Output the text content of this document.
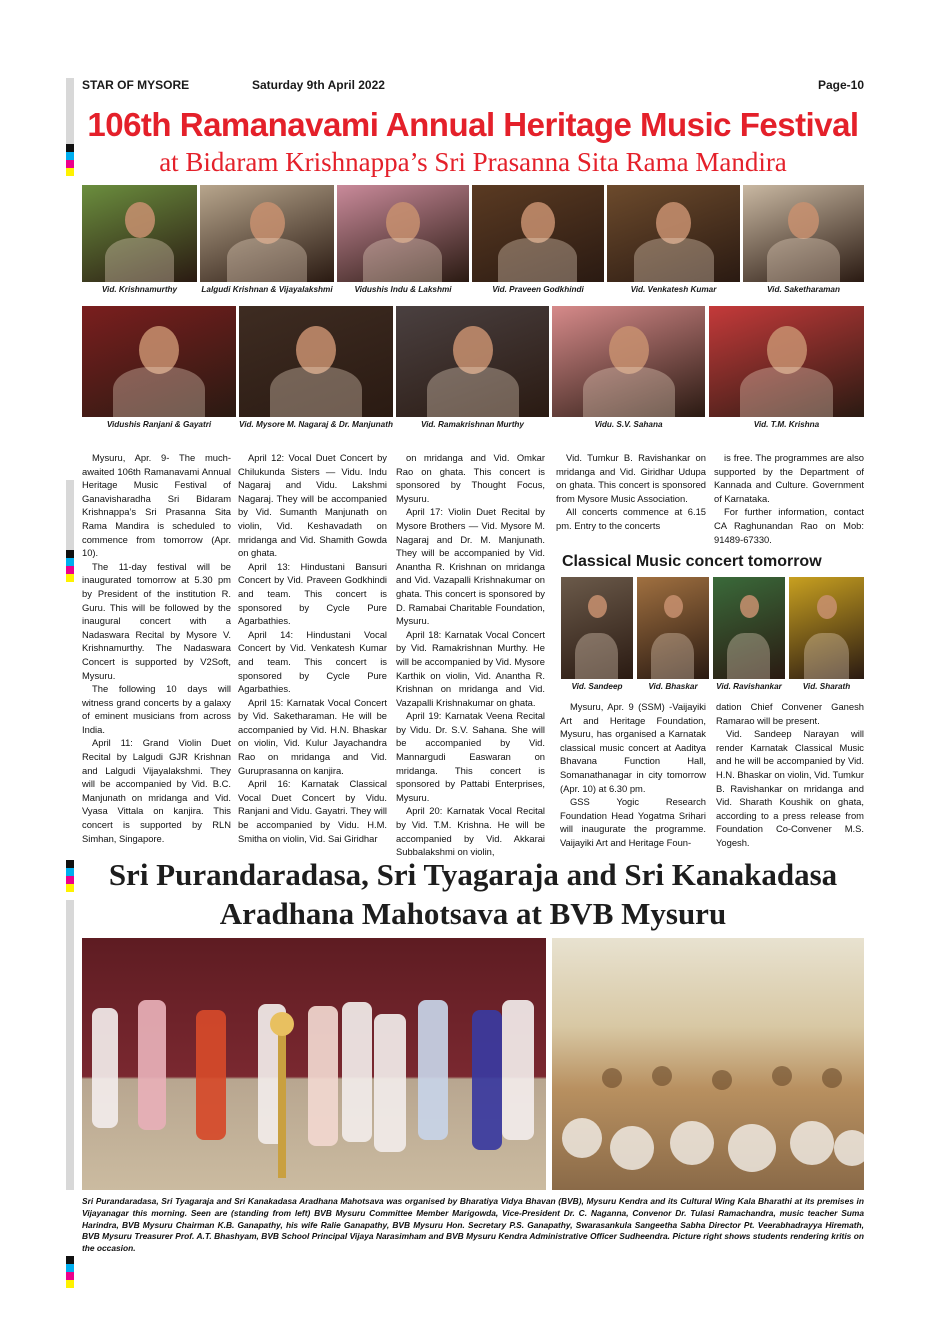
STAR OF MYSORE	Saturday 9th April 2022	Page-10
106th Ramanavami Annual Heritage Music Festival
at Bidaram Krishnappa’s Sri Prasanna Sita Rama Mandira
Vid. Krishnamurthy	Lalgudi Krishnan & Vijayalakshmi	Vidushis Indu & Lakshmi	Vid. Praveen Godkhindi	Vid. Venkatesh Kumar	Vid. Saketharaman
Vidushis Ranjani & Gayatri	Vid. Mysore M. Nagaraj & Dr. Manjunath	Vid. Ramakrishnan Murthy	Vidu. S.V. Sahana	Vid. T.M. Krishna

Mysuru, Apr. 9- The much-awaited 106th Ramanavami Annual Heritage Music Festival of Ganavisharadha Sri Bidaram Krishnappa’s Sri Prasanna Sita Rama Mandira is scheduled to commence from tomorrow (Apr. 10).

The 11-day festival will be inaugurated tomorrow at 5.30 pm by President of the institution R. Guru. This will be followed by the inaugural concert with a Nadaswara Recital by Mysore V. Krishnamurthy. The Nadaswara Concert is supported by V2Soft, Mysuru.

The following 10 days will witness grand concerts by a galaxy of eminent musicians from across India.

April 11: Grand Violin Duet Recital by Lalgudi GJR Krishnan and Lalgudi Vijayalakshmi. They will be accompanied by Vid. B.C. Manjunath on mridanga and Vid. Vyasa Vittala on kanjira. This concert is supported by RLN Simhan, Singapore.

April 12: Vocal Duet Concert by Chilukunda Sisters — Vidu. Indu Nagaraj and Vidu. Lakshmi Nagaraj. They will be accompanied by Vid. Sumanth Manjunath on violin, Vid. Keshavadath on mridanga and Vid. Shamith Gowda on ghata.

April 13: Hindustani Bansuri Concert by Vid. Praveen Godkhindi and team. This concert is sponsored by Cycle Pure Agarbathies.

April 14: Hindustani Vocal Concert by Vid. Venkatesh Kumar and team. This concert is sponsored by Cycle Pure Agarbathies.

April 15: Karnatak Vocal Concert by Vid. Saketharaman. He will be accompanied by Vid. H.N. Bhaskar on violin, Vid. Kulur Jayachandra Rao on mridanga and Vid. Guruprasanna on kanjira.

April 16: Karnatak Classical Vocal Duet Concert by Vidu. Ranjani and Vidu. Gayatri. They will be accompanied by Vidu. H.M. Smitha on violin, Vid. Sai Giridhar

on mridanga and Vid. Omkar Rao on ghata. This concert is sponsored by Thought Focus, Mysuru.

April 17: Violin Duet Recital by Mysore Brothers — Vid. Mysore M. Nagaraj and Dr. M. Manjunath. They will be accompanied by Vid. Anantha R. Krishnan on mridanga and Vid. Vazapalli Krishnakumar on ghata. This concert is sponsored by D. Ramabai Charitable Foundation, Mysuru.

April 18: Karnatak Vocal Concert by Vid. Ramakrishnan Murthy. He will be accompanied by Vid. Mysore Karthik on violin, Vid. Anantha R. Krishnan on mridanga and Vid. Vazapalli Krishnakumar on ghata.

April 19: Karnatak Veena Recital by Vidu. Dr. S.V. Sahana. She will be accompanied by Vid. Mannargudi Easwaran on mridanga. This concert is sponsored by Pattabi Enterprises, Mysuru.

April 20: Karnatak Vocal Recital by Vid. T.M. Krishna. He will be accompanied by Vid. Akkarai Subbalakshmi on violin,

Vid. Tumkur B. Ravishankar on mridanga and Vid. Giridhar Udupa on ghata. This concert is sponsored from Mysore Music Association.

All concerts commence at 6.15 pm. Entry to the concerts

is free. The programmes are also supported by the Department of Kannada and Culture. Government of Karnataka.

For further information, contact CA Raghunandan Rao on Mob: 91489-67330.

Classical Music concert tomorrow
Vid. Sandeep	Vid. Bhaskar	Vid. Ravishankar	Vid. Sharath

Mysuru, Apr. 9 (SSM) -Vaijayiki Art and Heritage Foundation, Mysuru, has organised a Karnatak classical music concert at Aaditya Bhavana Function Hall, Somanathanagar in city tomorrow (Apr. 10) at 6.30 pm.

GSS Yogic Research Foundation Head Yogatma Srihari will inaugurate the programme. Vaijayiki Art and Heritage Foun-

dation Chief Convener Ganesh Ramarao will be present.

Vid. Sandeep Narayan will render Karnatak Classical Music and he will be accompanied by Vid. H.N. Bhaskar on violin, Vid. Tumkur B. Ravishankar on mridanga and Vid. Sharath Koushik on ghata, according to a press release from Foundation Co-Convener M.S. Yogesh.

Sri Purandaradasa, Sri Tyagaraja and Sri Kanakadasa
Aradhana Mahotsava at BVB Mysuru
Sri Purandaradasa, Sri Tyagaraja and Sri Kanakadasa Aradhana Mahotsava was organised by Bharatiya Vidya Bhavan (BVB), Mysuru Kendra and its Cultural Wing Kala Bharathi at its premises in Vijayanagar this morning. Seen are (standing from left) BVB Mysuru Committee Member Marigowda, Vice-President Dr. C. Naganna, Convenor Dr. Tulasi Ramachandra, music teacher Suma Harindra, BVB Mysuru Chairman K.B. Ganapathy, his wife Ralie Ganapathy, BVB Mysuru Hon. Secretary P.S. Ganapathy, Swarasankula Sangeetha Sabha Director Pt. Veerabhadrayya Hiremath, BVB Mysuru Treasurer Prof. A.T. Bhashyam, BVB School Principal Vijaya Narasimham and BVB Mysuru Kendra Administrative Officer Sudheendra. Picture right shows students rendering kritis on the occasion.
